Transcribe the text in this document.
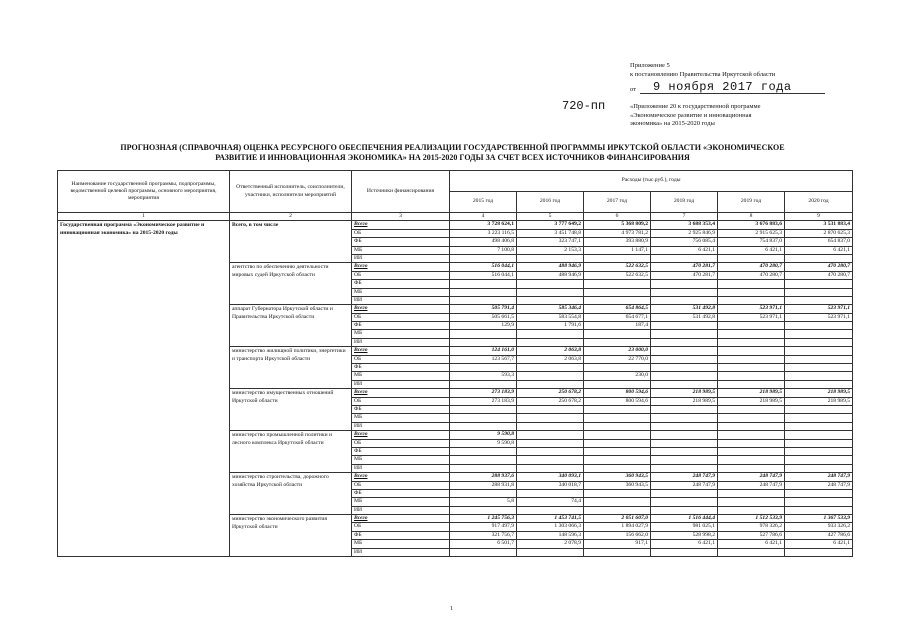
Приложение 5
к постановлению Правительства Иркутской области
от 9 ноября 2017 года
720-пп	«Приложение 20 к государственной программе
«Экономическое развитие и инновационная
экономика» на 2015-2020 годы
ПРОГНОЗНАЯ (СПРАВОЧНАЯ) ОЦЕНКА РЕСУРСНОГО ОБЕСПЕЧЕНИЯ РЕАЛИЗАЦИИ ГОСУДАРСТВЕННОЙ ПРОГРАММЫ ИРКУТСКОЙ ОБЛАСТИ «ЭКОНОМИЧЕСКОЕ
РАЗВИТИЕ И ИННОВАЦИОННАЯ ЭКОНОМИКА» НА 2015-2020 ГОДЫ ЗА СЧЕТ ВСЕХ ИСТОЧНИКОВ ФИНАНСИРОВАНИЯ
Наименование государственной программы, подпрограммы, ведомственной целевой программы, основного мероприятия, мероприятия	Ответственный исполнитель, соисполнители, участники, исполнители мероприятий	Источники финансирования	Расходы (тыс.руб.), годы					
			2015 год	2016 год	2017 год	2018 год	2019 год	2020 год
1	2	3	4	5	6	7	8	9
Государственная программа «Экономическое развитие и инновационная экономика» на 2015-2020 годы	Всего, в том числе	Всего	3 728 624,1	3 777 649,2	5 368 809,2	3 688 353,4	3 676 883,6	3 531 883,4
		ОБ	3 223 116,5	3 451 748,8	4 973 781,2	2 925 846,9	2 915 625,3	2 870 625,3
		ФБ	498 406,8	323 747,1	393 880,9	756 085,4	754 837,0	654 837,0
		МБ	7 100,8	2 153,3	1 147,1	6 421,1	6 421,1	6 421,1
		ИИ						
	агентство по обеспечению деятельности мировых судей Иркутской области	Всего	516 044,1	488 946,9	522 632,5	470 281,7	470 280,7	470 280,7
		ОБ	516 044,1	488 946,9	522 632,5	470 281,7	470 280,7	470 280,7
		ФБ						
		МБ						
		ИИ						
	аппарат Губернатора Иркутской области и Правительства Иркутской области	Всего	505 791,4	585 346,4	654 864,5	531 492,8	523 971,1	523 971,1
		ОБ	505 661,5	583 554,8	654 677,1	531 492,8	523 971,1	523 971,1
		ФБ	129,9	1 791,6	187,4			
		МБ						
		ИИ						
	министерство жилищной политики, энергетики и транспорта Иркутской области	Всего	124 161,0	2 063,8	23 000,0			
		ОБ	123 567,7	2 063,8	22 770,0			
		ФБ						
		МБ	593,3		230,0			
		ИИ						
	министерство имущественных отношений Иркутской области	Всего	273 183,9	250 678,2	800 594,6	218 989,5	218 989,5	218 989,5
		ОБ	273 183,9	250 678,2	800 594,6	218 989,5	218 989,5	218 989,5
		ФБ						
		МБ						
		ИИ						
	министерство промышленной политики и лесного комплекса Иркутской области	Всего	9 590,8					
		ОБ	9 590,8					
		ФБ						
		МБ						
		ИИ						
	министерство строительства, дорожного хозяйства Иркутской области	Всего	288 937,6	340 093,1	360 943,5	248 747,9	248 747,9	248 747,9
		ОБ	288 931,8	340 018,7	360 943,5	248 747,9	248 747,9	248 747,9
		ФБ						
		МБ	5,8	74,4				
		ИИ						
	министерство экономического развития Иркутской области	Всего	1 245 756,3	1 453 741,5	2 051 607,0	1 516 444,4	1 512 533,9	1 367 533,9
		ОБ	917 497,9	1 303 066,3	1 894 027,9	981 025,1	978 326,2	933 326,2
		ФБ	321 756,7	148 596,3	156 662,0	528 998,2	527 786,6	427 786,6
		МБ	6 501,7	2 078,9	917,1	6 421,1	6 421,1	6 421,1
		ИИ						
1
